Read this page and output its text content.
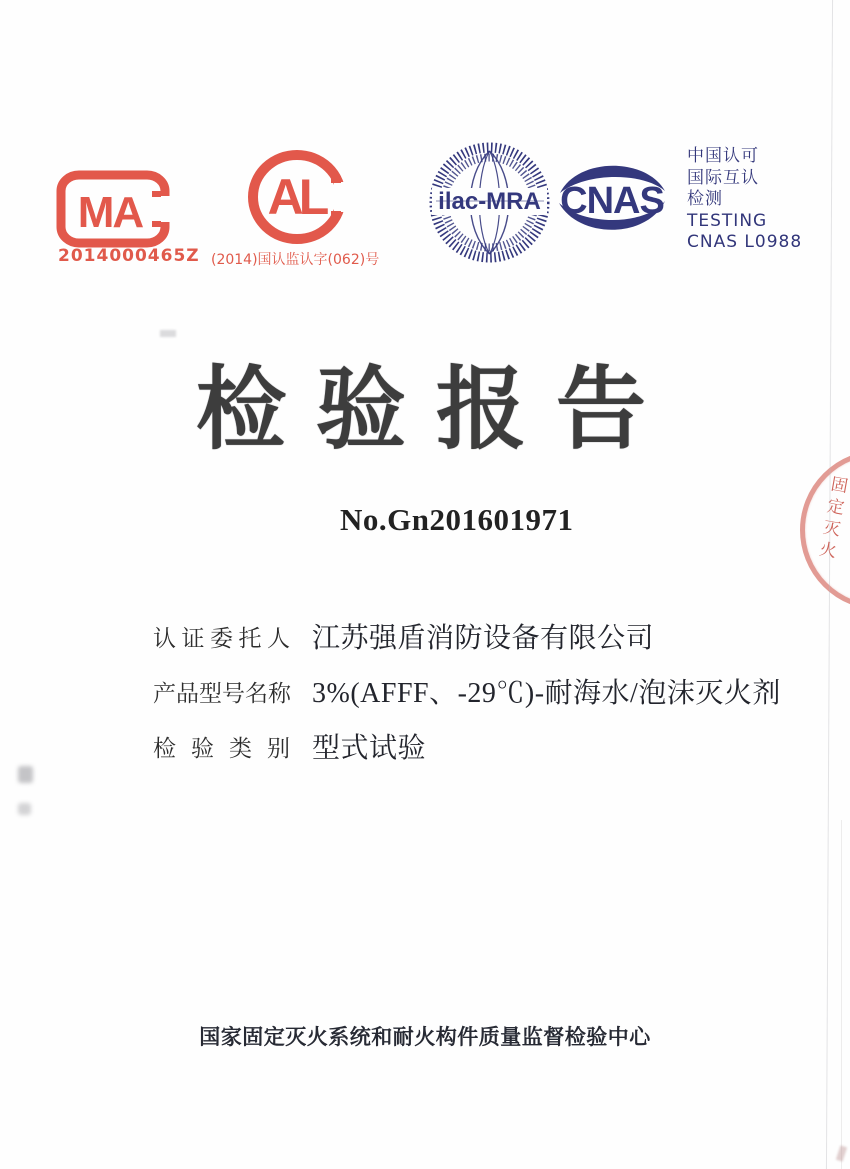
MA
2014000465Z
AL
(2014)国认监认字(062)号
ilac-MRA CNAS
中国认可
国际互认
检测
TESTING
CNAS L0988
检验报告
No.Gn201601971
认证委托人 江苏强盾消防设备有限公司
产品型号名称 3%(AFFF、-29℃)-耐海水/泡沫灭火剂
检验类别 型式试验
国家固定灭火系统和耐火构件质量监督检验中心
固定灭火
